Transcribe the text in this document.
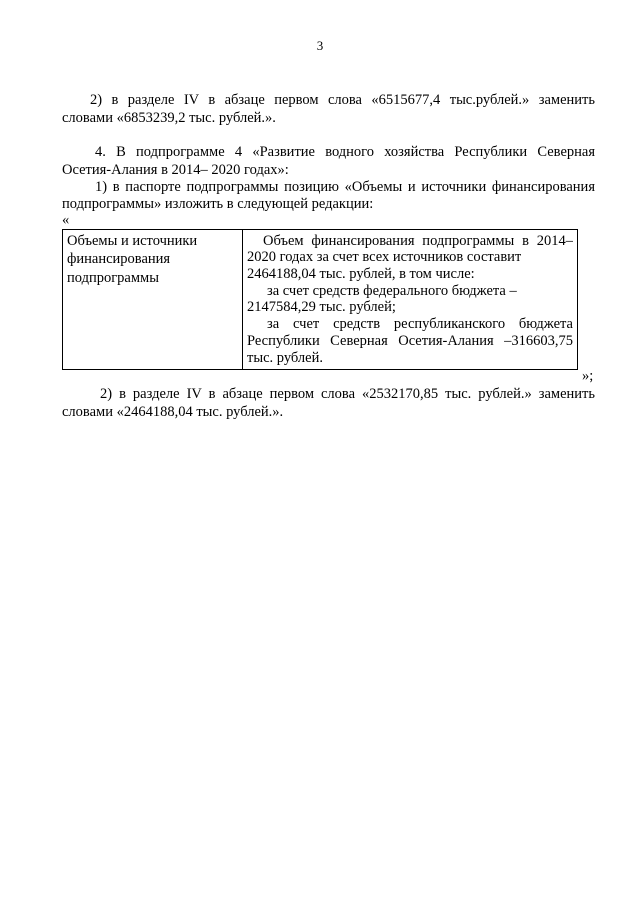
3
2) в разделе IV в абзаце первом слова «6515677,4 тыс.рублей.» заменить
словами «6853239,2 тыс. рублей.».
4. В подпрограмме 4 «Развитие водного хозяйства Республики Северная
Осетия-Алания в 2014– 2020 годах»:
1) в паспорте подпрограммы позицию «Объемы и источники финансирования
подпрограммы» изложить в следующей редакции:
«
Объемы и источники
финансирования
подпрограммы
Объем финансирования подпрограммы в 2014–
2020 годах за счет всех источников составит
2464188,04 тыс. рублей, в том числе:
за счет средств федерального бюджета –
2147584,29 тыс. рублей;
за счет средств республиканского бюджета
Республики Северная Осетия-Алания –316603,75
тыс. рублей.
»;
2) в разделе IV в абзаце первом слова «2532170,85 тыс. рублей.» заменить
словами «2464188,04 тыс. рублей.».
